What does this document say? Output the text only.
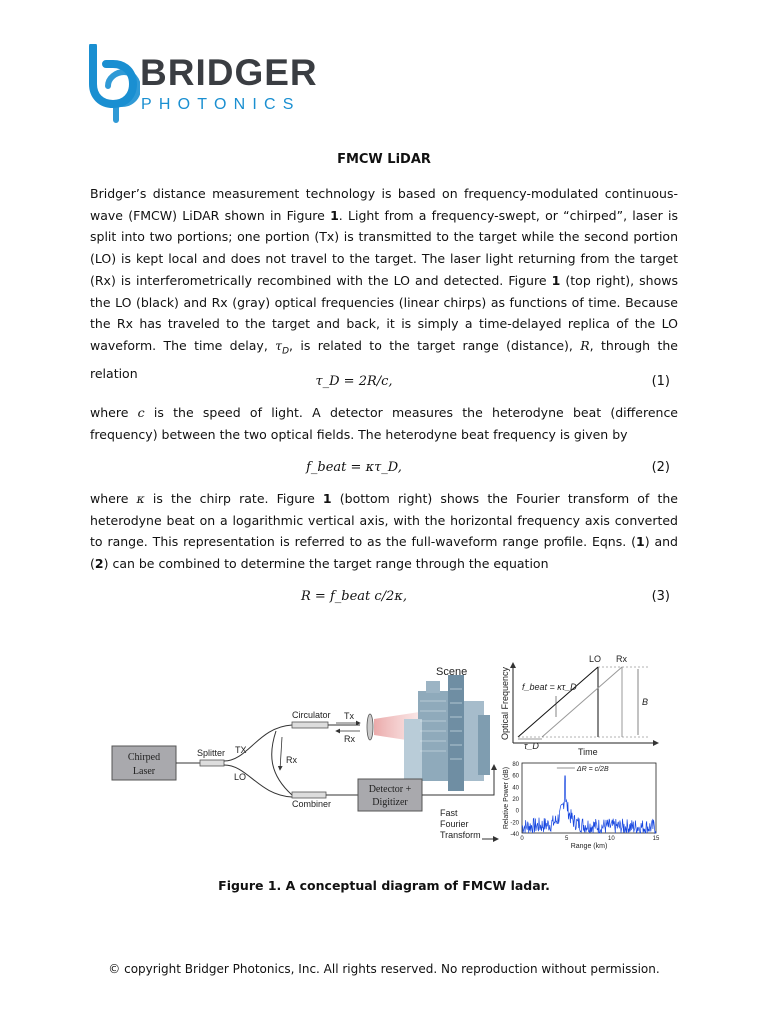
BRIDGER
PHOTONICS
FMCW LiDAR

Bridger’s distance measurement technology is based on frequency-modulated continuous-wave (FMCW) LiDAR shown in Figure 1. Light from a frequency-swept, or “chirped”, laser is split into two portions; one portion (Tx) is transmitted to the target while the second portion (LO) is kept local and does not travel to the target. The laser light returning from the target (Rx) is interferometrically recombined with the LO and detected. Figure 1 (top right), shows the LO (black) and Rx (gray) optical frequencies (linear chirps) as functions of time. Because the Rx has traveled to the target and back, it is simply a time-delayed replica of the LO waveform. The time delay, $\tau_D$, is related to the target range (distance), R, through the relation

τ_D = 2R/c,	(1)

where c is the speed of light. A detector measures the heterodyne beat (difference frequency) between the two optical fields. The heterodyne beat frequency is given by

f_beat = κτ_D,	(2)

where κ is the chirp rate. Figure 1 (bottom right) shows the Fourier transform of the heterodyne beat on a logarithmic vertical axis, with the horizontal frequency axis converted to range. This representation is referred to as the full-waveform range profile. Eqns. (1) and (2) can be combined to determine the target range through the equation

R = f_beat c/2κ,	(3)
Chirped
Laser
Splitter TX
LO
Rx
Circulator Tx
Rx
Scene
Combiner
Detector +
Digitizer
Fast
Fourier
Transform
LO Rx
f_beat = κτ_D
τ_D
B
Time
Optical Frequency
80
60
40
20
0
-20
-40
0	5	10	15
Range (km)
Relative Power (dB)	ΔR = c/2B
Figure 1. A conceptual diagram of FMCW ladar.
© copyright Bridger Photonics, Inc. All rights reserved. No reproduction without permission.
